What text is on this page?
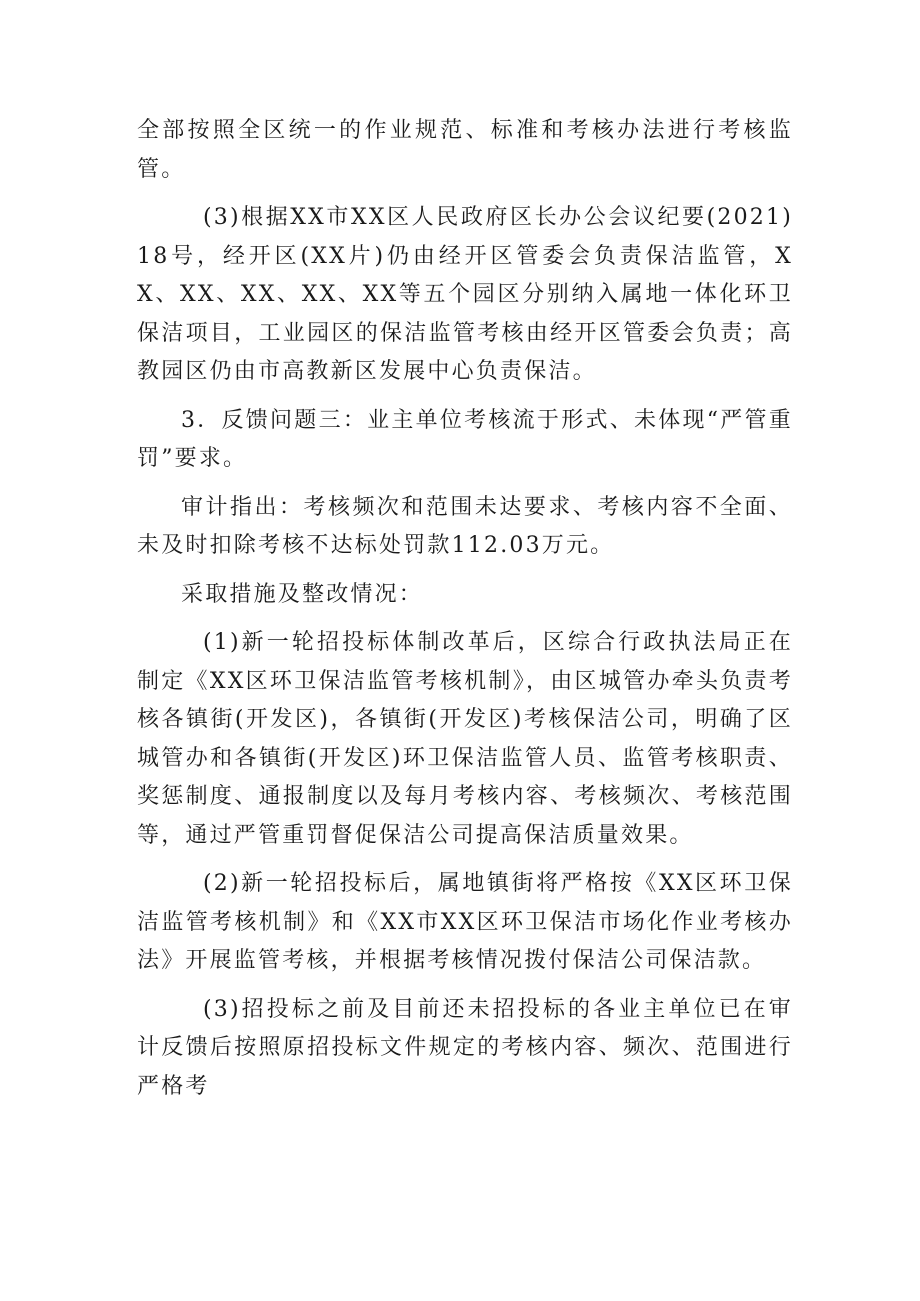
全部按照全区统一的作业规范、标准和考核办法进行考核监管。

(3)根据XX市XX区人民政府区长办公会议纪要(2021)18号，经开区(XX片)仍由经开区管委会负责保洁监管，XX、XX、XX、XX、XX等五个园区分别纳入属地一体化环卫保洁项目，工业园区的保洁监管考核由经开区管委会负责；高教园区仍由市高教新区发展中心负责保洁。

3．反馈问题三：业主单位考核流于形式、未体现“严管重罚”要求。

审计指出：考核频次和范围未达要求、考核内容不全面、未及时扣除考核不达标处罚款112.03万元。

采取措施及整改情况：

(1)新一轮招投标体制改革后，区综合行政执法局正在制定《XX区环卫保洁监管考核机制》，由区城管办牵头负责考核各镇街(开发区)，各镇街(开发区)考核保洁公司，明确了区城管办和各镇街(开发区)环卫保洁监管人员、监管考核职责、奖惩制度、通报制度以及每月考核内容、考核频次、考核范围等，通过严管重罚督促保洁公司提高保洁质量效果。

(2)新一轮招投标后，属地镇街将严格按《XX区环卫保洁监管考核机制》和《XX市XX区环卫保洁市场化作业考核办法》开展监管考核，并根据考核情况拨付保洁公司保洁款。

(3)招投标之前及目前还未招投标的各业主单位已在审计反馈后按照原招投标文件规定的考核内容、频次、范围进行严格考
